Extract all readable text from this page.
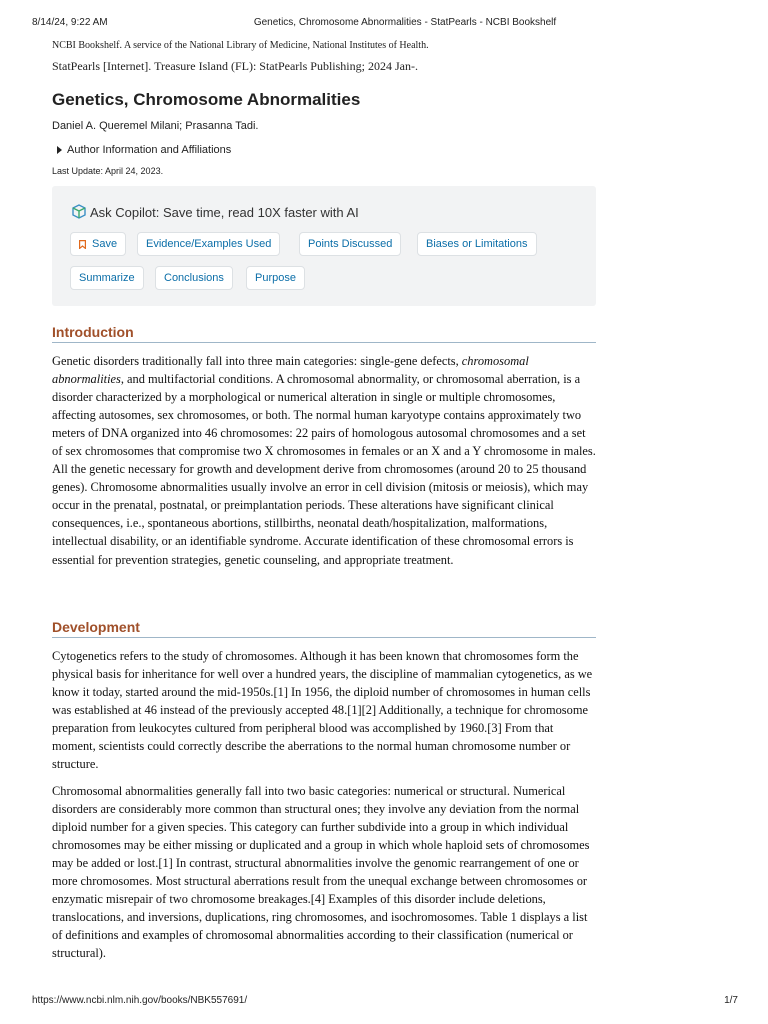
8/14/24, 9:22 AM	Genetics, Chromosome Abnormalities - StatPearls - NCBI Bookshelf

NCBI Bookshelf. A service of the National Library of Medicine, National Institutes of Health.

StatPearls [Internet]. Treasure Island (FL): StatPearls Publishing; 2024 Jan-.

Genetics, Chromosome Abnormalities

Daniel A. Queremel Milani; Prasanna Tadi.

Author Information and Affiliations

Last Update: April 24, 2023.

Ask Copilot: Save time, read 10X faster with AI
Save	Evidence/Examples Used	Points Discussed	Biases or Limitations
Summarize	Conclusions	Purpose
Introduction

Genetic disorders traditionally fall into three main categories: single-gene defects, chromosomal abnormalities, and multifactorial conditions. A chromosomal abnormality, or chromosomal aberration, is a disorder characterized by a morphological or numerical alteration in single or multiple chromosomes, affecting autosomes, sex chromosomes, or both. The normal human karyotype contains approximately two meters of DNA organized into 46 chromosomes: 22 pairs of homologous autosomal chromosomes and a set of sex chromosomes that compromise two X chromosomes in females or an X and a Y chromosome in males. All the genetic necessary for growth and development derive from chromosomes (around 20 to 25 thousand genes). Chromosome abnormalities usually involve an error in cell division (mitosis or meiosis), which may occur in the prenatal, postnatal, or preimplantation periods. These alterations have significant clinical consequences, i.e., spontaneous abortions, stillbirths, neonatal death/hospitalization, malformations, intellectual disability, or an identifiable syndrome. Accurate identification of these chromosomal errors is essential for prevention strategies, genetic counseling, and appropriate treatment.

Development

Cytogenetics refers to the study of chromosomes. Although it has been known that chromosomes form the physical basis for inheritance for well over a hundred years, the discipline of mammalian cytogenetics, as we know it today, started around the mid-1950s.[1] In 1956, the diploid number of chromosomes in human cells was established at 46 instead of the previously accepted 48.[1][2] Additionally, a technique for chromosome preparation from leukocytes cultured from peripheral blood was accomplished by 1960.[3] From that moment, scientists could correctly describe the aberrations to the normal human chromosome number or structure.

Chromosomal abnormalities generally fall into two basic categories: numerical or structural. Numerical disorders are considerably more common than structural ones; they involve any deviation from the normal diploid number for a given species. This category can further subdivide into a group in which individual chromosomes may be either missing or duplicated and a group in which whole haploid sets of chromosomes may be added or lost.[1] In contrast, structural abnormalities involve the genomic rearrangement of one or more chromosomes. Most structural aberrations result from the unequal exchange between chromosomes or enzymatic misrepair of two chromosome breakages.[4] Examples of this disorder include deletions, translocations, and inversions, duplications, ring chromosomes, and isochromosomes. Table 1 displays a list of definitions and examples of chromosomal abnormalities according to their classification (numerical or structural).

https://www.ncbi.nlm.nih.gov/books/NBK557691/	1/7
